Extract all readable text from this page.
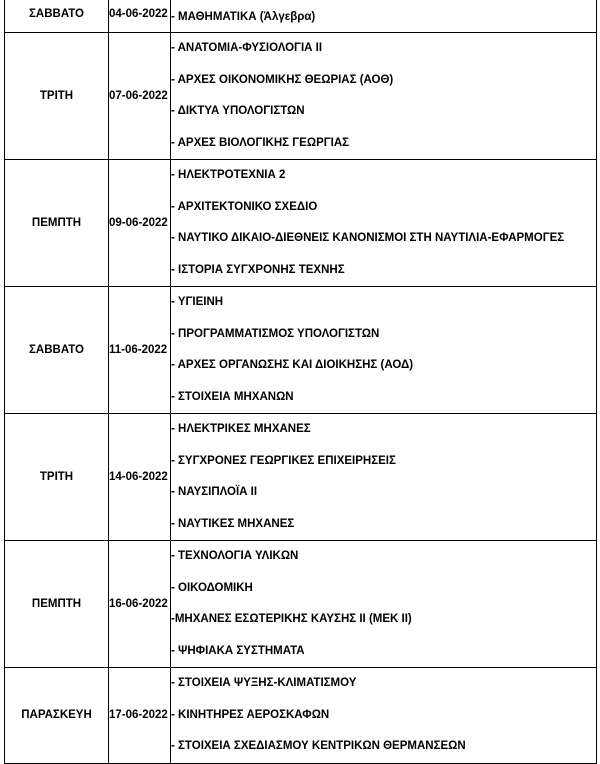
ΣΑΒΒΑΤΟ	04-06-2022	- ΜΑΘΗΜΑΤΙΚΑ (Άλγεβρα)

ΤΡΙΤΗ	07-06-2022	- ΑΝΑΤΟΜΙΑ-ΦΥΣΙΟΛΟΓΙΑ ΙΙ
- ΑΡΧΕΣ ΟΙΚΟΝΟΜΙΚΗΣ ΘΕΩΡΙΑΣ (ΑΟΘ)
- ΔΙΚΤΥΑ ΥΠΟΛΟΓΙΣΤΩΝ
- ΑΡΧΕΣ ΒΙΟΛΟΓΙΚΗΣ ΓΕΩΡΓΙΑΣ

ΠΕΜΠΤΗ	09-06-2022	- ΗΛΕΚΤΡΟΤΕΧΝΙΑ 2
- ΑΡΧΙΤΕΚΤΟΝΙΚΟ ΣΧΕΔΙΟ
- ΝΑΥΤΙΚΟ ΔΙΚΑΙΟ-ΔΙΕΘΝΕΙΣ ΚΑΝΟΝΙΣΜΟΙ ΣΤΗ ΝΑΥΤΙΛΙΑ-ΕΦΑΡΜΟΓΕΣ
- ΙΣΤΟΡΙΑ ΣΥΓΧΡΟΝΗΣ ΤΕΧΝΗΣ

ΣΑΒΒΑΤΟ	11-06-2022	- ΥΓΙΕΙΝΗ
- ΠΡΟΓΡΑΜΜΑΤΙΣΜΟΣ ΥΠΟΛΟΓΙΣΤΩΝ
- ΑΡΧΕΣ ΟΡΓΑΝΩΣΗΣ ΚΑΙ ΔΙΟΙΚΗΣΗΣ (ΑΟΔ)
- ΣΤΟΙΧΕΙΑ ΜΗΧΑΝΩΝ

ΤΡΙΤΗ	14-06-2022	- ΗΛΕΚΤΡΙΚΕΣ ΜΗΧΑΝΕΣ
- ΣΥΓΧΡΟΝΕΣ ΓΕΩΡΓΙΚΕΣ ΕΠΙΧΕΙΡΗΣΕΙΣ
- ΝΑΥΣΙΠΛΟΪΑ ΙΙ
- ΝΑΥΤΙΚΕΣ ΜΗΧΑΝΕΣ

ΠΕΜΠΤΗ	16-06-2022	- ΤΕΧΝΟΛΟΓΙΑ ΥΛΙΚΩΝ
- ΟΙΚΟΔΟΜΙΚΗ
-ΜΗΧΑΝΕΣ ΕΣΩΤΕΡΙΚΗΣ ΚΑΥΣΗΣ ΙΙ (ΜΕΚ ΙΙ)
- ΨΗΦΙΑΚΑ ΣΥΣΤΗΜΑΤΑ

ΠΑΡΑΣΚΕΥΗ	17-06-2022	- ΣΤΟΙΧΕΙΑ ΨΥΞΗΣ-ΚΛΙΜΑΤΙΣΜΟΥ
- ΚΙΝΗΤΗΡΕΣ ΑΕΡΟΣΚΑΦΩΝ
- ΣΤΟΙΧΕΙΑ ΣΧΕΔΙΑΣΜΟΥ ΚΕΝΤΡΙΚΩΝ ΘΕΡΜΑΝΣΕΩΝ
